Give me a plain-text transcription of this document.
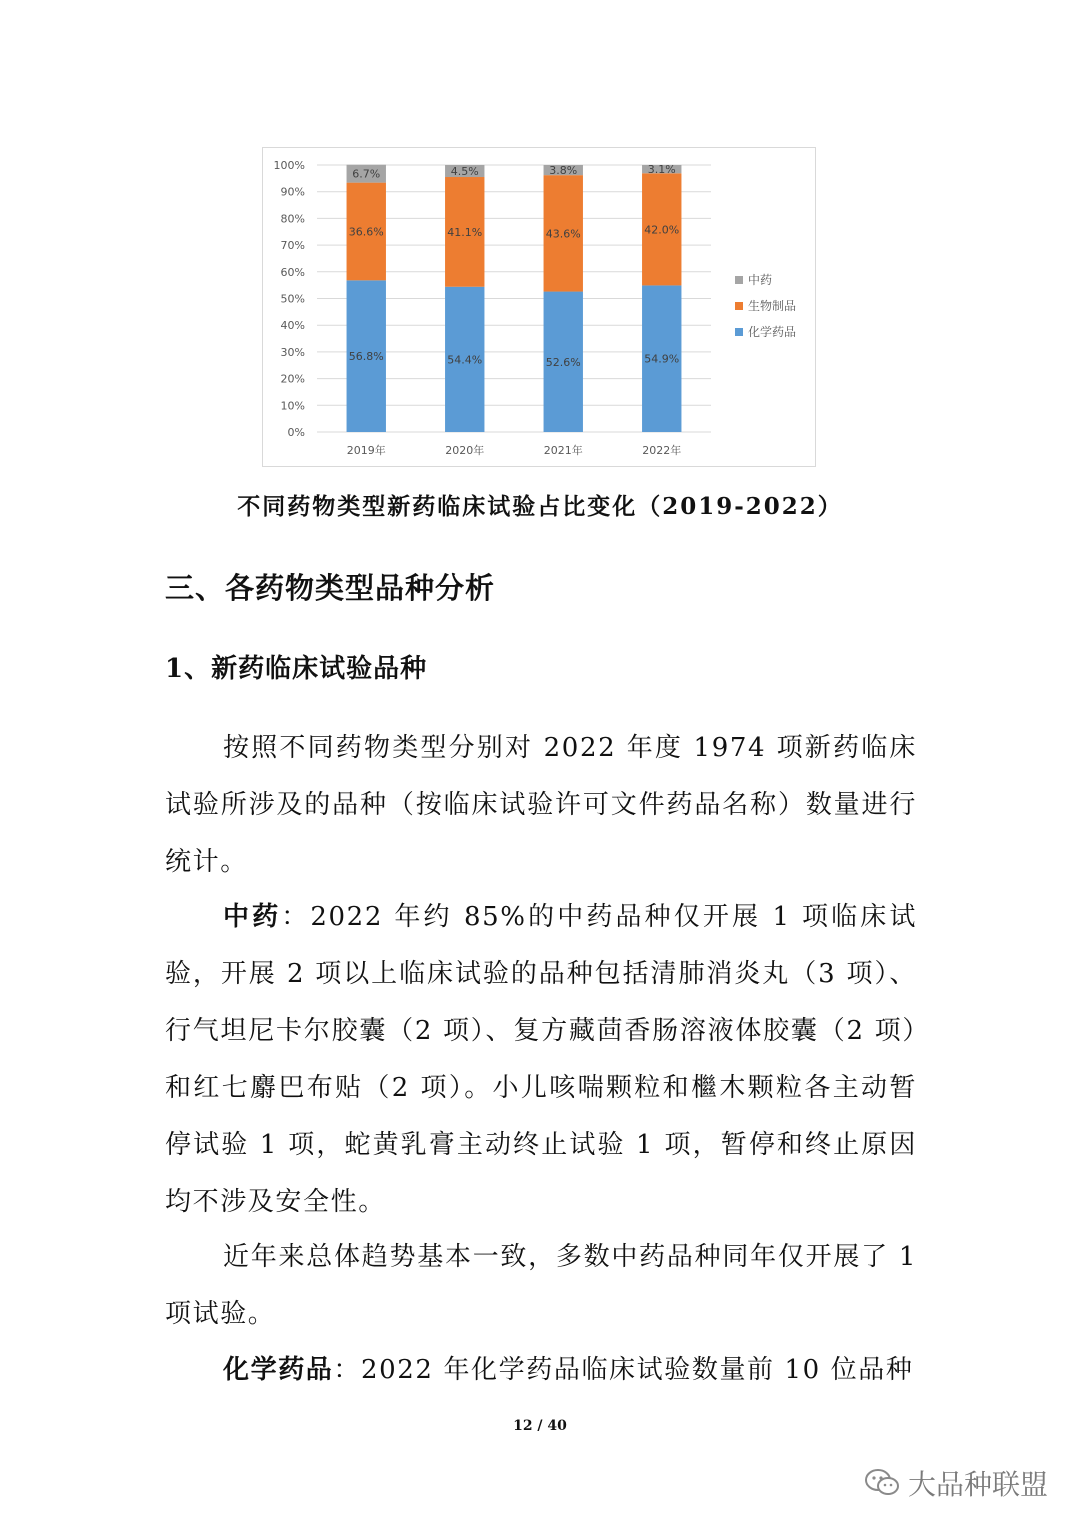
0%
10%
20%
30%
40%
50%
60%
70%
80%
90%
100%
56.8%
36.6%
6.7%
2019年
54.4%
41.1%
4.5%
2020年
52.6%
43.6%
3.8%
2021年
54.9%
42.0%
3.1%
2022年
中药
生物制品
化学药品
不同药物类型新药临床试验占比变化（2019-2022）
三、各药物类型品种分析
1、新药临床试验品种
按照不同药物类型分别对 2022 年度 1974 项新药临床试验所涉及的品种（按临床试验许可文件药品名称）数量进行统计。
中药：2022 年约 85%的中药品种仅开展 1 项临床试验，开展 2 项以上临床试验的品种包括清肺消炎丸（3 项）、行气坦尼卡尔胶囊（2 项）、复方藏茴香肠溶液体胶囊（2 项）和红七麝巴布贴（2 项）。小儿咳喘颗粒和檵木颗粒各主动暂停试验 1 项，蛇黄乳膏主动终止试验 1 项，暂停和终止原因均不涉及安全性。
近年来总体趋势基本一致，多数中药品种同年仅开展了 1 项试验。
化学药品：2022 年化学药品临床试验数量前 10 位品种
12 / 40
大品种联盟
